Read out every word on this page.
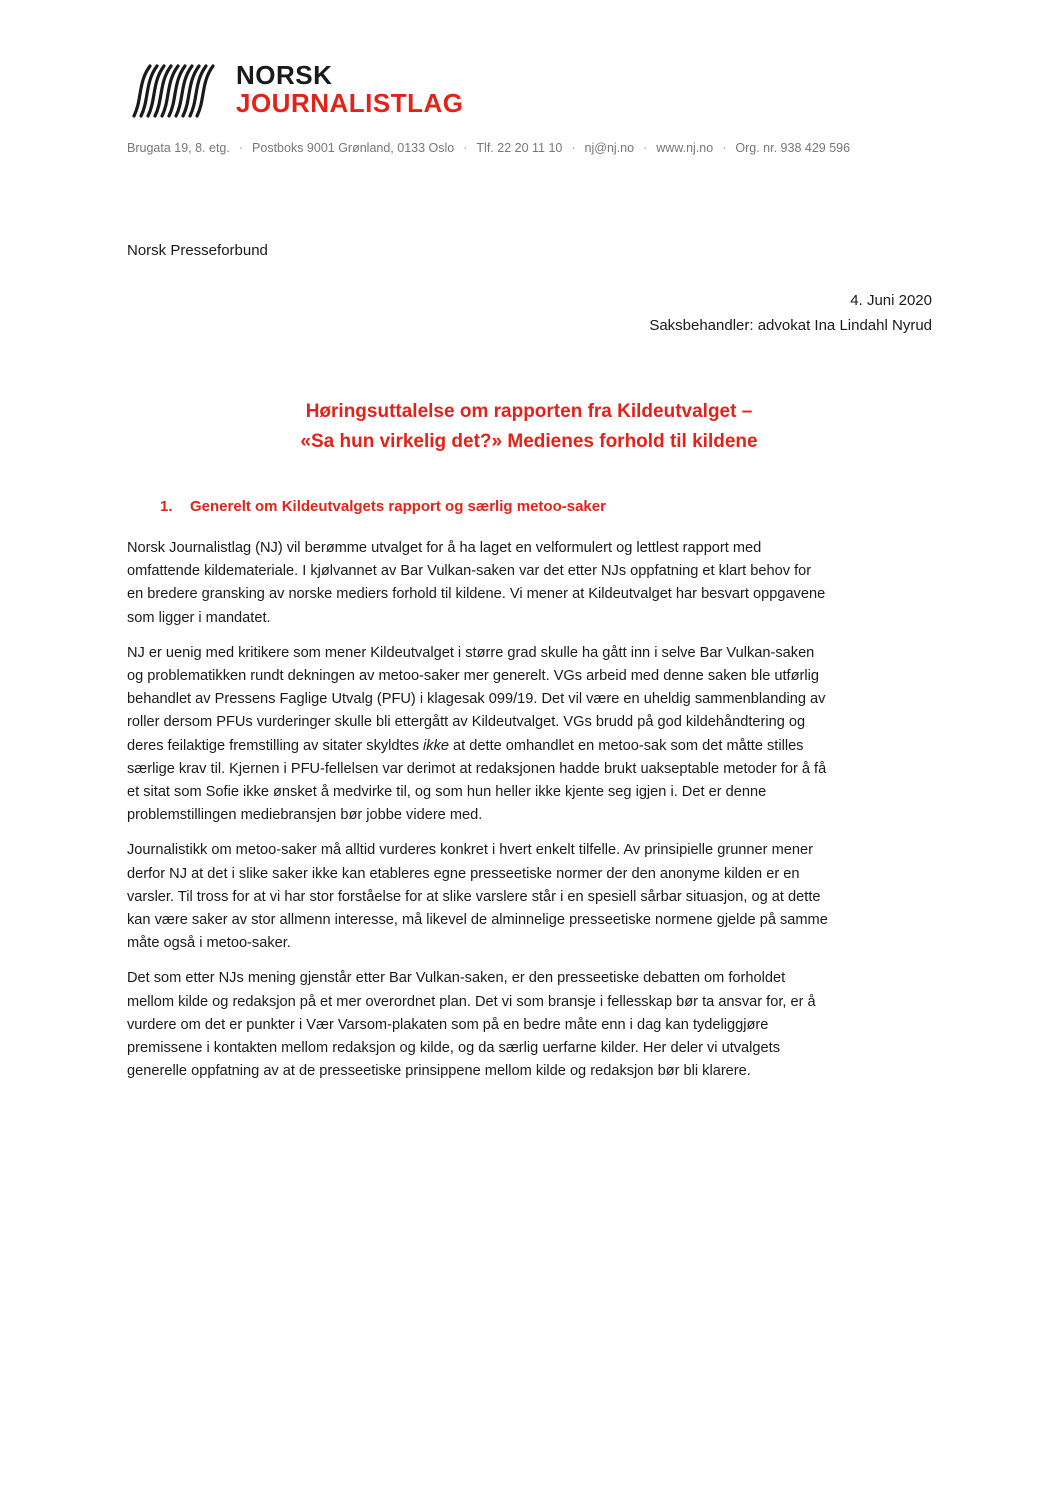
NORSK
JOURNALISTLAG
Brugata 19, 8. etg. · Postboks 9001 Grønland, 0133 Oslo · Tlf. 22 20 11 10 · nj@nj.no · www.nj.no · Org. nr. 938 429 596
Norsk Presseforbund
4. Juni 2020
Saksbehandler: advokat Ina Lindahl Nyrud
Høringsuttalelse om rapporten fra Kildeutvalget –
«Sa hun virkelig det?» Medienes forhold til kildene
1. Generelt om Kildeutvalgets rapport og særlig metoo-saker
Norsk Journalistlag (NJ) vil berømme utvalget for å ha laget en velformulert og lettlest rapport med
omfattende kildemateriale. I kjølvannet av Bar Vulkan-saken var det etter NJs oppfatning et klart behov for
en bredere gransking av norske mediers forhold til kildene. Vi mener at Kildeutvalget har besvart oppgavene
som ligger i mandatet.
NJ er uenig med kritikere som mener Kildeutvalget i større grad skulle ha gått inn i selve Bar Vulkan-saken
og problematikken rundt dekningen av metoo-saker mer generelt. VGs arbeid med denne saken ble utførlig
behandlet av Pressens Faglige Utvalg (PFU) i klagesak 099/19. Det vil være en uheldig sammenblanding av
roller dersom PFUs vurderinger skulle bli ettergått av Kildeutvalget. VGs brudd på god kildehåndtering og
deres feilaktige fremstilling av sitater skyldtes ikke at dette omhandlet en metoo-sak som det måtte stilles
særlige krav til. Kjernen i PFU-fellelsen var derimot at redaksjonen hadde brukt uakseptable metoder for å få
et sitat som Sofie ikke ønsket å medvirke til, og som hun heller ikke kjente seg igjen i. Det er denne
problemstillingen mediebransjen bør jobbe videre med.
Journalistikk om metoo-saker må alltid vurderes konkret i hvert enkelt tilfelle. Av prinsipielle grunner mener
derfor NJ at det i slike saker ikke kan etableres egne presseetiske normer der den anonyme kilden er en
varsler. Til tross for at vi har stor forståelse for at slike varslere står i en spesiell sårbar situasjon, og at dette
kan være saker av stor allmenn interesse, må likevel de alminnelige presseetiske normene gjelde på samme
måte også i metoo-saker.
Det som etter NJs mening gjenstår etter Bar Vulkan-saken, er den presseetiske debatten om forholdet
mellom kilde og redaksjon på et mer overordnet plan. Det vi som bransje i fellesskap bør ta ansvar for, er å
vurdere om det er punkter i Vær Varsom-plakaten som på en bedre måte enn i dag kan tydeliggjøre
premissene i kontakten mellom redaksjon og kilde, og da særlig uerfarne kilder. Her deler vi utvalgets
generelle oppfatning av at de presseetiske prinsippene mellom kilde og redaksjon bør bli klarere.
